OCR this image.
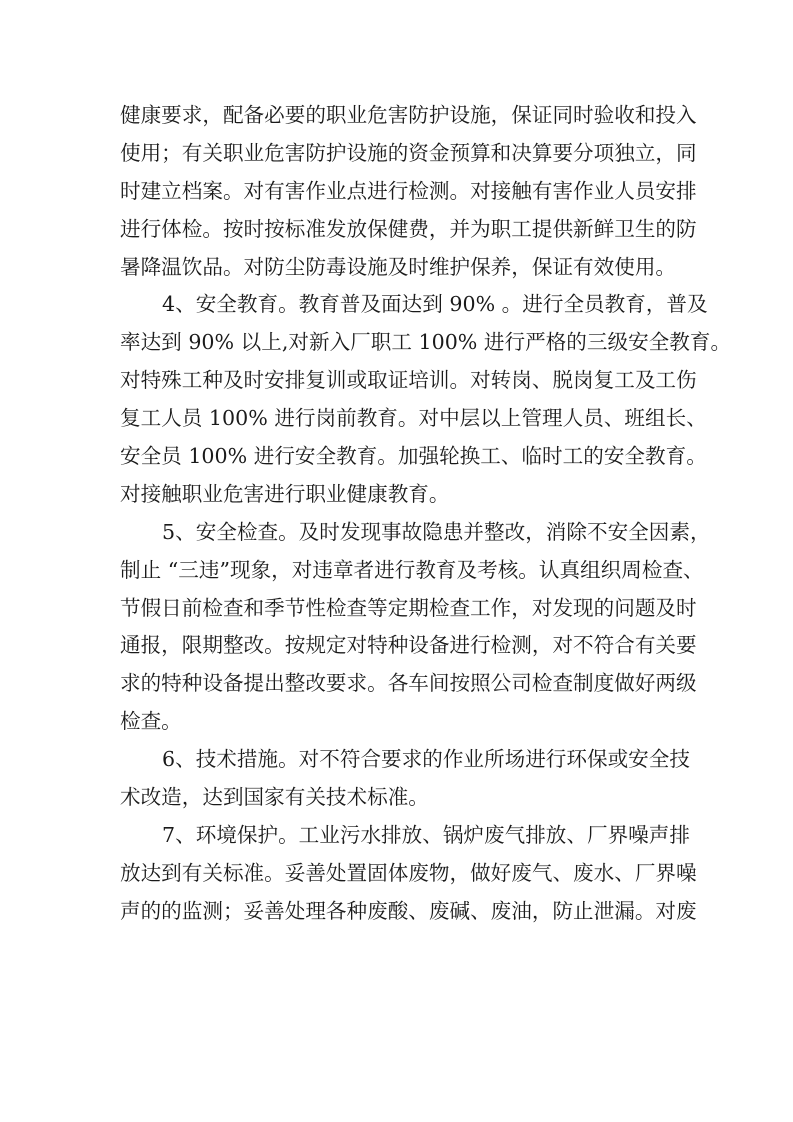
健康要求，配备必要的职业危害防护设施，保证同时验收和投入
使用；有关职业危害防护设施的资金预算和决算要分项独立，同
时建立档案。对有害作业点进行检测。对接触有害作业人员安排
进行体检。按时按标准发放保健费，并为职工提供新鲜卫生的防
暑降温饮品。对防尘防毒设施及时维护保养，保证有效使用。
4、安全教育。教育普及面达到 90% 。进行全员教育，普及
率达到 90% 以上,对新入厂职工 100% 进行严格的三级安全教育。
对特殊工种及时安排复训或取证培训。对转岗、脱岗复工及工伤
复工人员 100% 进行岗前教育。对中层以上管理人员、班组长、
安全员 100% 进行安全教育。加强轮换工、临时工的安全教育。
对接触职业危害进行职业健康教育。
5、安全检查。及时发现事故隐患并整改，消除不安全因素，
制止 “三违”现象，对违章者进行教育及考核。认真组织周检查、
节假日前检查和季节性检查等定期检查工作，对发现的问题及时
通报，限期整改。按规定对特种设备进行检测，对不符合有关要
求的特种设备提出整改要求。各车间按照公司检查制度做好两级
检查。
6、技术措施。对不符合要求的作业所场进行环保或安全技
术改造，达到国家有关技术标准。
7、环境保护。工业污水排放、锅炉废气排放、厂界噪声排
放达到有关标准。妥善处置固体废物，做好废气、废水、厂界噪
声的的监测；妥善处理各种废酸、废碱、废油，防止泄漏。对废
